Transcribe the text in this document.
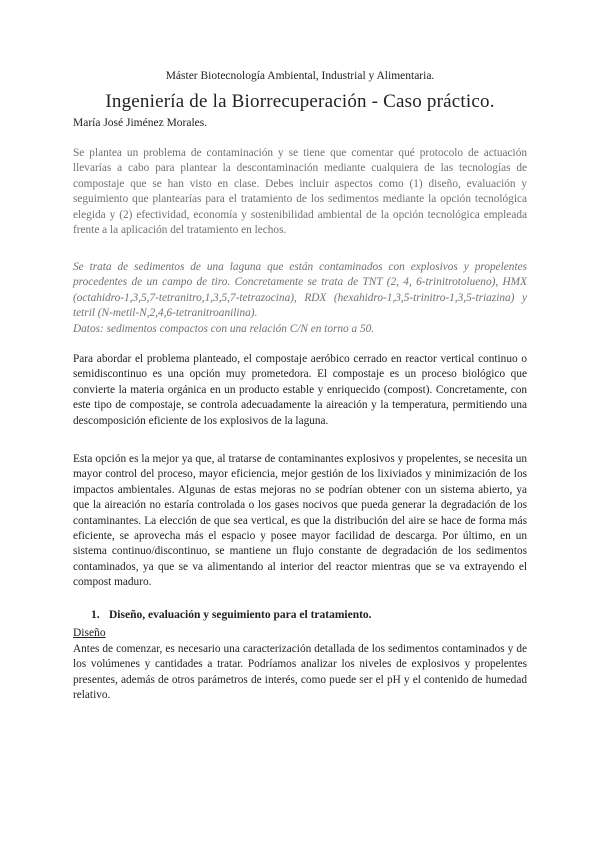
Máster Biotecnología Ambiental, Industrial y Alimentaria.
Ingeniería de la Biorrecuperación - Caso práctico.
María José Jiménez Morales.

Se plantea un problema de contaminación y se tiene que comentar qué protocolo de actuación llevarías a cabo para plantear la descontaminación mediante cualquiera de las tecnologías de compostaje que se han visto en clase. Debes incluir aspectos como (1) diseño, evaluación y seguimiento que plantearías para el tratamiento de los sedimentos mediante la opción tecnológica elegida y (2) efectividad, economía y sostenibilidad ambiental de la opción tecnológica empleada frente a la aplicación del tratamiento en lechos.

Se trata de sedimentos de una laguna que están contaminados con explosivos y propelentes procedentes de un campo de tiro. Concretamente se trata de TNT (2, 4, 6-trinitrotolueno), HMX (octahidro-1,3,5,7-tetranitro,1,3,5,7-tetrazocina), RDX (hexahidro-1,3,5-trinitro-1,3,5-triazina) y tetril (N-metil-N,2,4,6-tetranitroanilina).
Datos: sedimentos compactos con una relación C/N en torno a 50.

Para abordar el problema planteado, el compostaje aeróbico cerrado en reactor vertical continuo o semidiscontinuo es una opción muy prometedora. El compostaje es un proceso biológico que convierte la materia orgánica en un producto estable y enriquecido (compost). Concretamente, con este tipo de compostaje, se controla adecuadamente la aireación y la temperatura, permitiendo una descomposición eficiente de los explosivos de la laguna.

Esta opción es la mejor ya que, al tratarse de contaminantes explosivos y propelentes, se necesita un mayor control del proceso, mayor eficiencia, mejor gestión de los lixiviados y minimización de los impactos ambientales. Algunas de estas mejoras no se podrían obtener con un sistema abierto, ya que la aireación no estaría controlada o los gases nocivos que pueda generar la degradación de los contaminantes. La elección de que sea vertical, es que la distribución del aire se hace de forma más eficiente, se aprovecha más el espacio y posee mayor facilidad de descarga. Por último, en un sistema continuo/discontinuo, se mantiene un flujo constante de degradación de los sedimentos contaminados, ya que se va alimentando al interior del reactor mientras que se va extrayendo el compost maduro.

1. Diseño, evaluación y seguimiento para el tratamiento.
Diseño

Antes de comenzar, es necesario una caracterización detallada de los sedimentos contaminados y de los volúmenes y cantidades a tratar. Podríamos analizar los niveles de explosivos y propelentes presentes, además de otros parámetros de interés, como puede ser el pH y el contenido de humedad relativo.
